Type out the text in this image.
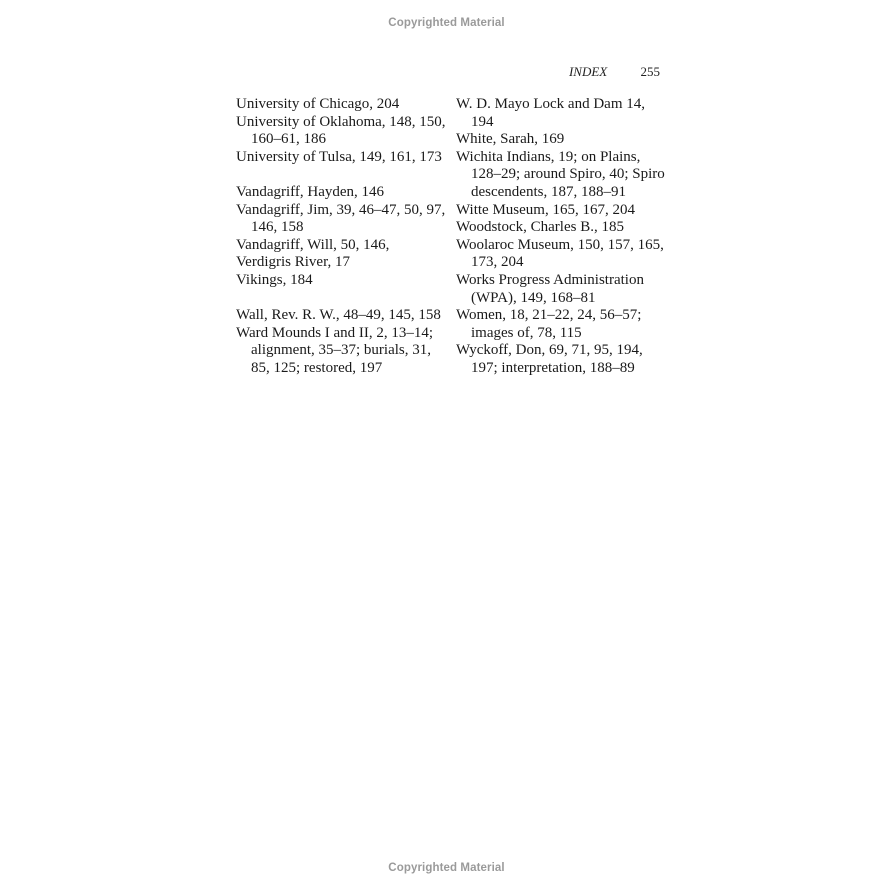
Copyrighted Material
INDEX	255

University of Chicago, 204

University of Oklahoma, 148, 150, 160–61, 186

University of Tulsa, 149, 161, 173

Vandagriff, Hayden, 146

Vandagriff, Jim, 39, 46–47, 50, 97, 146, 158

Vandagriff, Will, 50, 146,

Verdigris River, 17

Vikings, 184

Wall, Rev. R. W., 48–49, 145, 158

Ward Mounds I and II, 2, 13–14; alignment, 35–37; burials, 31, 85, 125; restored, 197

W. D. Mayo Lock and Dam 14, 194

White, Sarah, 169

Wichita Indians, 19; on Plains, 128–29; around Spiro, 40; Spiro descendents, 187, 188–91

Witte Museum, 165, 167, 204

Woodstock, Charles B., 185

Woolaroc Museum, 150, 157, 165, 173, 204

Works Progress Administration (WPA), 149, 168–81

Women, 18, 21–22, 24, 56–57; images of, 78, 115

Wyckoff, Don, 69, 71, 95, 194, 197; interpretation, 188–89

Copyrighted Material
